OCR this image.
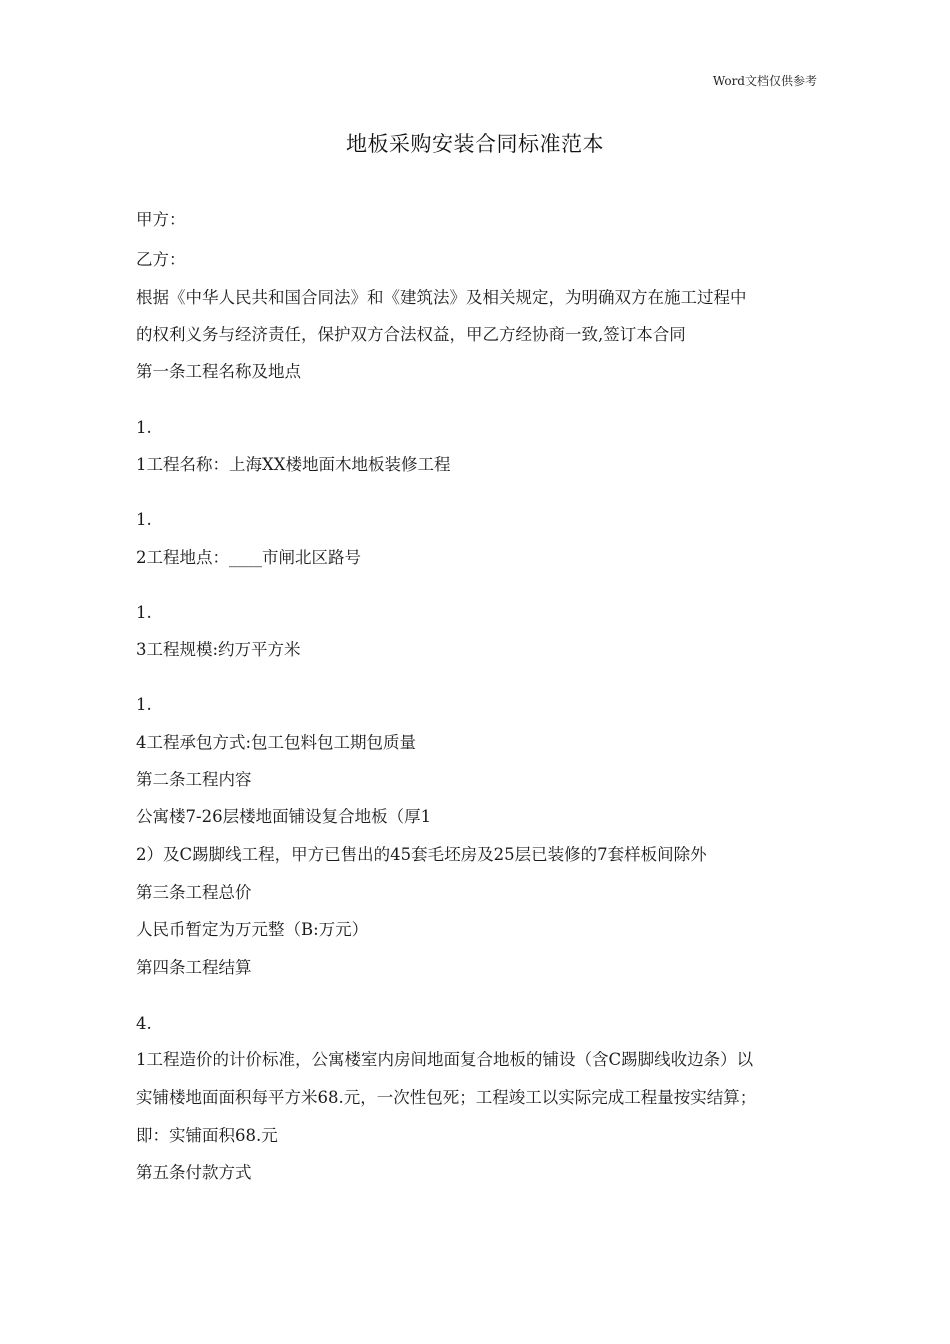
Word文档仅供参考
地板采购安装合同标准范本
甲方：
乙方：
根据《中华人民共和国合同法》和《建筑法》及相关规定，为明确双方在施工过程中
的权利义务与经济责任，保护双方合法权益，甲乙方经协商一致,签订本合同
第一条工程名称及地点
1.
1工程名称：上海XX楼地面木地板装修工程
1.
2工程地点：____市闸北区路号
1.
3工程规模:约万平方米
1.
4工程承包方式:包工包料包工期包质量
第二条工程内容
公寓楼7-26层楼地面铺设复合地板（厚1
2）及C踢脚线工程，甲方已售出的45套毛坯房及25层已装修的7套样板间除外
第三条工程总价
人民币暂定为万元整（B:万元）
第四条工程结算
4.
1工程造价的计价标准，公寓楼室内房间地面复合地板的铺设（含C踢脚线收边条）以
实铺楼地面面积每平方米68.元，一次性包死；工程竣工以实际完成工程量按实结算；
即：实铺面积68.元
第五条付款方式
